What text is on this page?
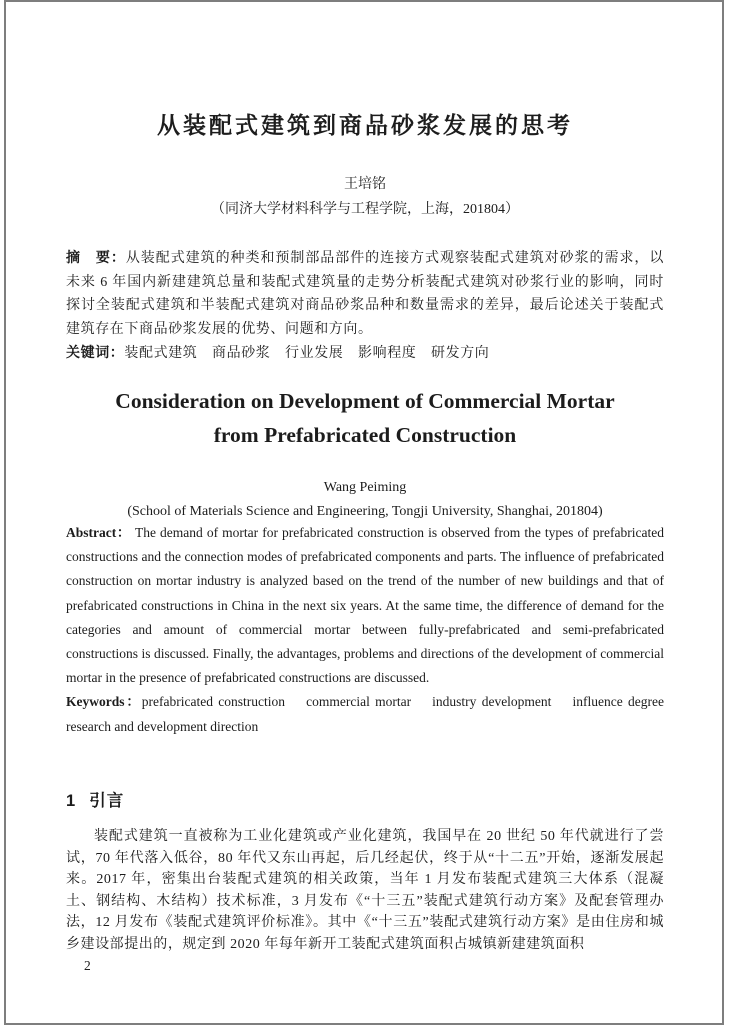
从装配式建筑到商品砂浆发展的思考
王培铭
（同济大学材料科学与工程学院，上海，201804）

摘　要：从装配式建筑的种类和预制部品部件的连接方式观察装配式建筑对砂浆的需求，以未来 6 年国内新建建筑总量和装配式建筑量的走势分析装配式建筑对砂浆行业的影响，同时探讨全装配式建筑和半装配式建筑对商品砂浆品种和数量需求的差异，最后论述关于装配式建筑存在下商品砂浆发展的优势、问题和方向。

关键词：装配式建筑　商品砂浆　行业发展　影响程度　研发方向

Consideration on Development of Commercial Mortar
from Prefabricated Construction
Wang Peiming
(School of Materials Science and Engineering, Tongji University, Shanghai, 201804)

Abstract： The demand of mortar for prefabricated construction is observed from the types of prefabricated constructions and the connection modes of prefabricated components and parts. The influence of prefabricated construction on mortar industry is analyzed based on the trend of the number of new buildings and that of prefabricated constructions in China in the next six years. At the same time, the difference of demand for the categories and amount of commercial mortar between fully-prefabricated and semi-prefabricated constructions is discussed. Finally, the advantages, problems and directions of the development of commercial mortar in the presence of prefabricated constructions are discussed.

Keywords：prefabricated construction    commercial mortar    industry development    influence degree    research and development direction

1 引言

装配式建筑一直被称为工业化建筑或产业化建筑，我国早在 20 世纪 50 年代就进行了尝试，70 年代落入低谷，80 年代又东山再起，后几经起伏，终于从“十二五”开始，逐渐发展起来。2017 年，密集出台装配式建筑的相关政策，当年 1 月发布装配式建筑三大体系（混凝土、钢结构、木结构）技术标准，3 月发布《“十三五”装配式建筑行动方案》及配套管理办法，12 月发布《装配式建筑评价标准》。其中《“十三五”装配式建筑行动方案》是由住房和城乡建设部提出的，规定到 2020 年每年新开工装配式建筑面积占城镇新建建筑面积

2
